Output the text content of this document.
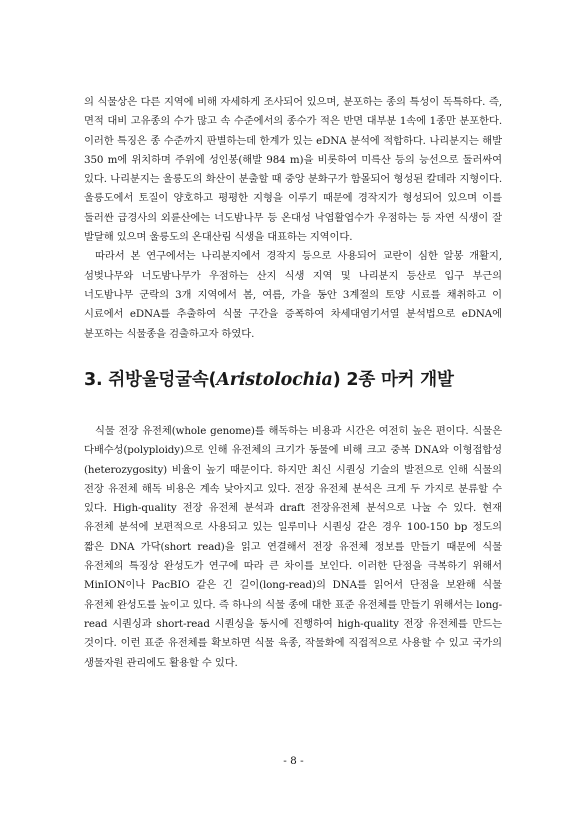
의 식물상은 다른 지역에 비해 자세하게 조사되어 있으며, 분포하는 종의 특성이 독특하다. 즉, 면적 대비 고유종의 수가 많고 속 수준에서의 종수가 적은 반면 대부분 1속에 1종만 분포한다. 이러한 특징은 종 수준까지 판별하는데 한계가 있는 eDNA 분석에 적합하다. 나리분지는 해발 350 m에 위치하며 주위에 성인봉(해발 984 m)을 비롯하여 미륵산 등의 능선으로 둘러싸여 있다. 나리분지는 울릉도의 화산이 분출할 때 중앙 분화구가 함몰되어 형성된 칼데라 지형이다. 울릉도에서 토질이 양호하고 평평한 지형을 이루기 때문에 경작지가 형성되어 있으며 이를 둘러싼 급경사의 외륜산에는 너도밤나무 등 온대성 낙엽활엽수가 우점하는 등 자연 식생이 잘 발달해 있으며 울릉도의 온대산림 식생을 대표하는 지역이다.

따라서 본 연구에서는 나리분지에서 경작지 등으로 사용되어 교란이 심한 알봉 개활지, 섬벚나무와 너도밤나무가 우점하는 산지 식생 지역 및 나리분지 등산로 입구 부근의 너도밤나무 군락의 3개 지역에서 봄, 여름, 가을 동안 3계절의 토양 시료를 채취하고 이 시료에서 eDNA를 추출하여 식물 구간을 증폭하여 차세대염기서열 분석법으로 eDNA에 분포하는 식물종을 검출하고자 하였다.

3. 쥐방울덩굴속(Aristolochia) 2종 마커 개발

식물 전장 유전체(whole genome)를 해독하는 비용과 시간은 여전히 높은 편이다. 식물은 다배수성(polyploidy)으로 인해 유전체의 크기가 동물에 비해 크고 중복 DNA와 이형접합성(heterozygosity) 비율이 높기 때문이다. 하지만 최신 시퀀싱 기술의 발전으로 인해 식물의 전장 유전체 해독 비용은 계속 낮아지고 있다. 전장 유전체 분석은 크게 두 가지로 분류할 수 있다. High-quality 전장 유전체 분석과 draft 전장유전체 분석으로 나눌 수 있다. 현재 유전체 분석에 보편적으로 사용되고 있는 일루미나 시퀀싱 같은 경우 100-150 bp 정도의 짧은 DNA 가닥(short read)을 읽고 연결해서 전장 유전체 정보를 만들기 때문에 식물 유전체의 특징상 완성도가 연구에 따라 큰 차이를 보인다. 이러한 단점을 극복하기 위해서 MinION이나 PacBIO 같은 긴 길이(long-read)의 DNA를 읽어서 단점을 보완해 식물 유전체 완성도를 높이고 있다. 즉 하나의 식물 종에 대한 표준 유전체를 만들기 위해서는 long-read 시퀀싱과 short-read 시퀀싱을 동시에 진행하여 high-quality 전장 유전체를 만드는 것이다. 이런 표준 유전체를 확보하면 식물 육종, 작물화에 직접적으로 사용할 수 있고 국가의 생물자원 관리에도 활용할 수 있다.

- 8 -
